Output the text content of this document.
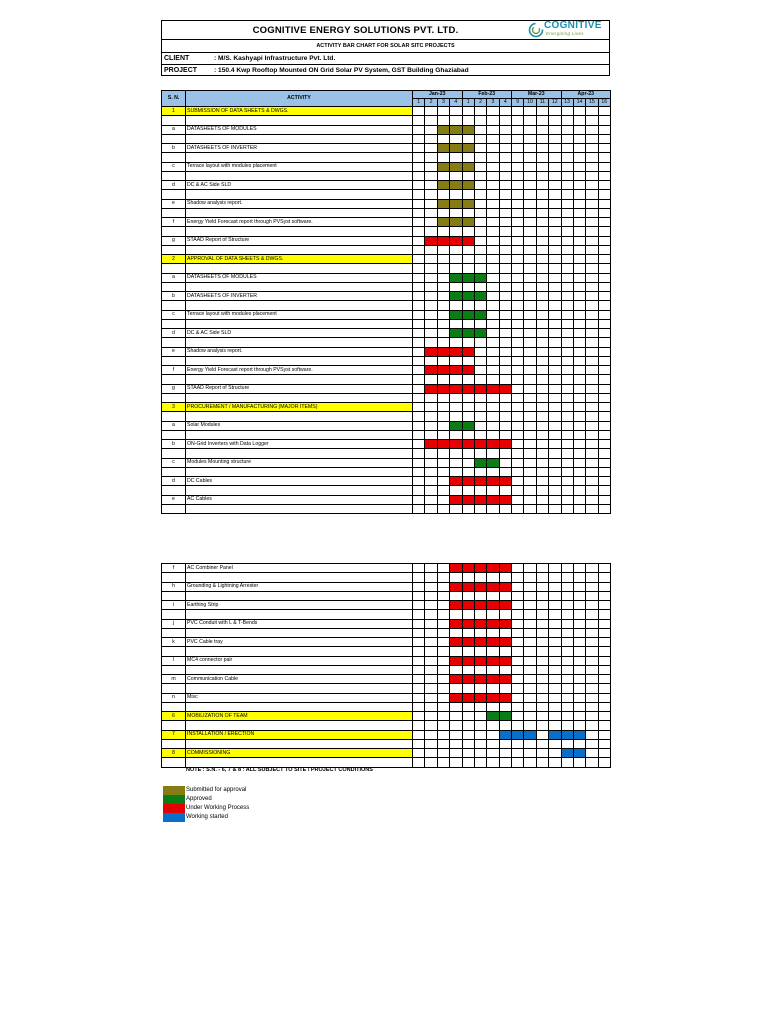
COGNITIVE ENERGY SOLUTIONS PVT. LTD.	COGNITIVE
Energizing Lives
ACTIVITY BAR CHART FOR SOLAR SITC PROJECTS
CLIENT	: M/S. Kashyapi Infrastructure Pvt. Ltd.
PROJECT	: 150.4 Kwp Rooftop Mounted ON Grid Solar PV System, GST Building Ghaziabad
S. N.	ACTIVITY	Jan-23				Feb-23				Mar-23				Apr-23			
		1	2	3	4	1	2	3	4	9	10	11	12	13	14	15	16
1	SUBMISSION OF DATA SHEETS & DWGS.																

a	DATASHEETS OF MODULES																

b	DATASHEETS OF INVERTER																

c	Terrace layout with modules placement																

d	DC & AC Side SLD																

e	Shadow analysis report.																

f	Energy Yield Forecast report through PVSyst software.																

g	STAAD Report of Structure																

2	APPROVAL OF DATA SHEETS & DWGS.																

a	DATASHEETS OF MODULES																

b	DATASHEETS OF INVERTER																

c	Terrace layout with modules placement																

d	DC & AC Side SLD																

e	Shadow analysis report.																

f	Energy Yield Forecast report through PVSyst software.																

g	STAAD Report of Structure																

3	PROCUREMENT / MANUFACTURING (MAJOR ITEMS)																

a	Solar Modules																

b	ON-Grid Inverters with Data Logger																

c	Modules Mounting structure																

d	DC Cables																

e	AC Cables																

f	AC Combiner Panel																

h	Grounding & Lightning Arrester																

i	Earthing Strip																

j	PVC Conduit with L & T-Bends																

k	PVC Cable tray																

l	MC4 connector pair																

m	Communication Cable																

n	Misc																

6	MOBILIZATION OF TEAM																

7	INSTALLATION / ERECTION																

8	COMMISSIONING																

NOTE : S.N. - 6, 7 & 8 : ALL SUBJECT TO SITE / PROJECT CONDITIONS
Submitted for approval
Approved
Under Working Process
Working started
